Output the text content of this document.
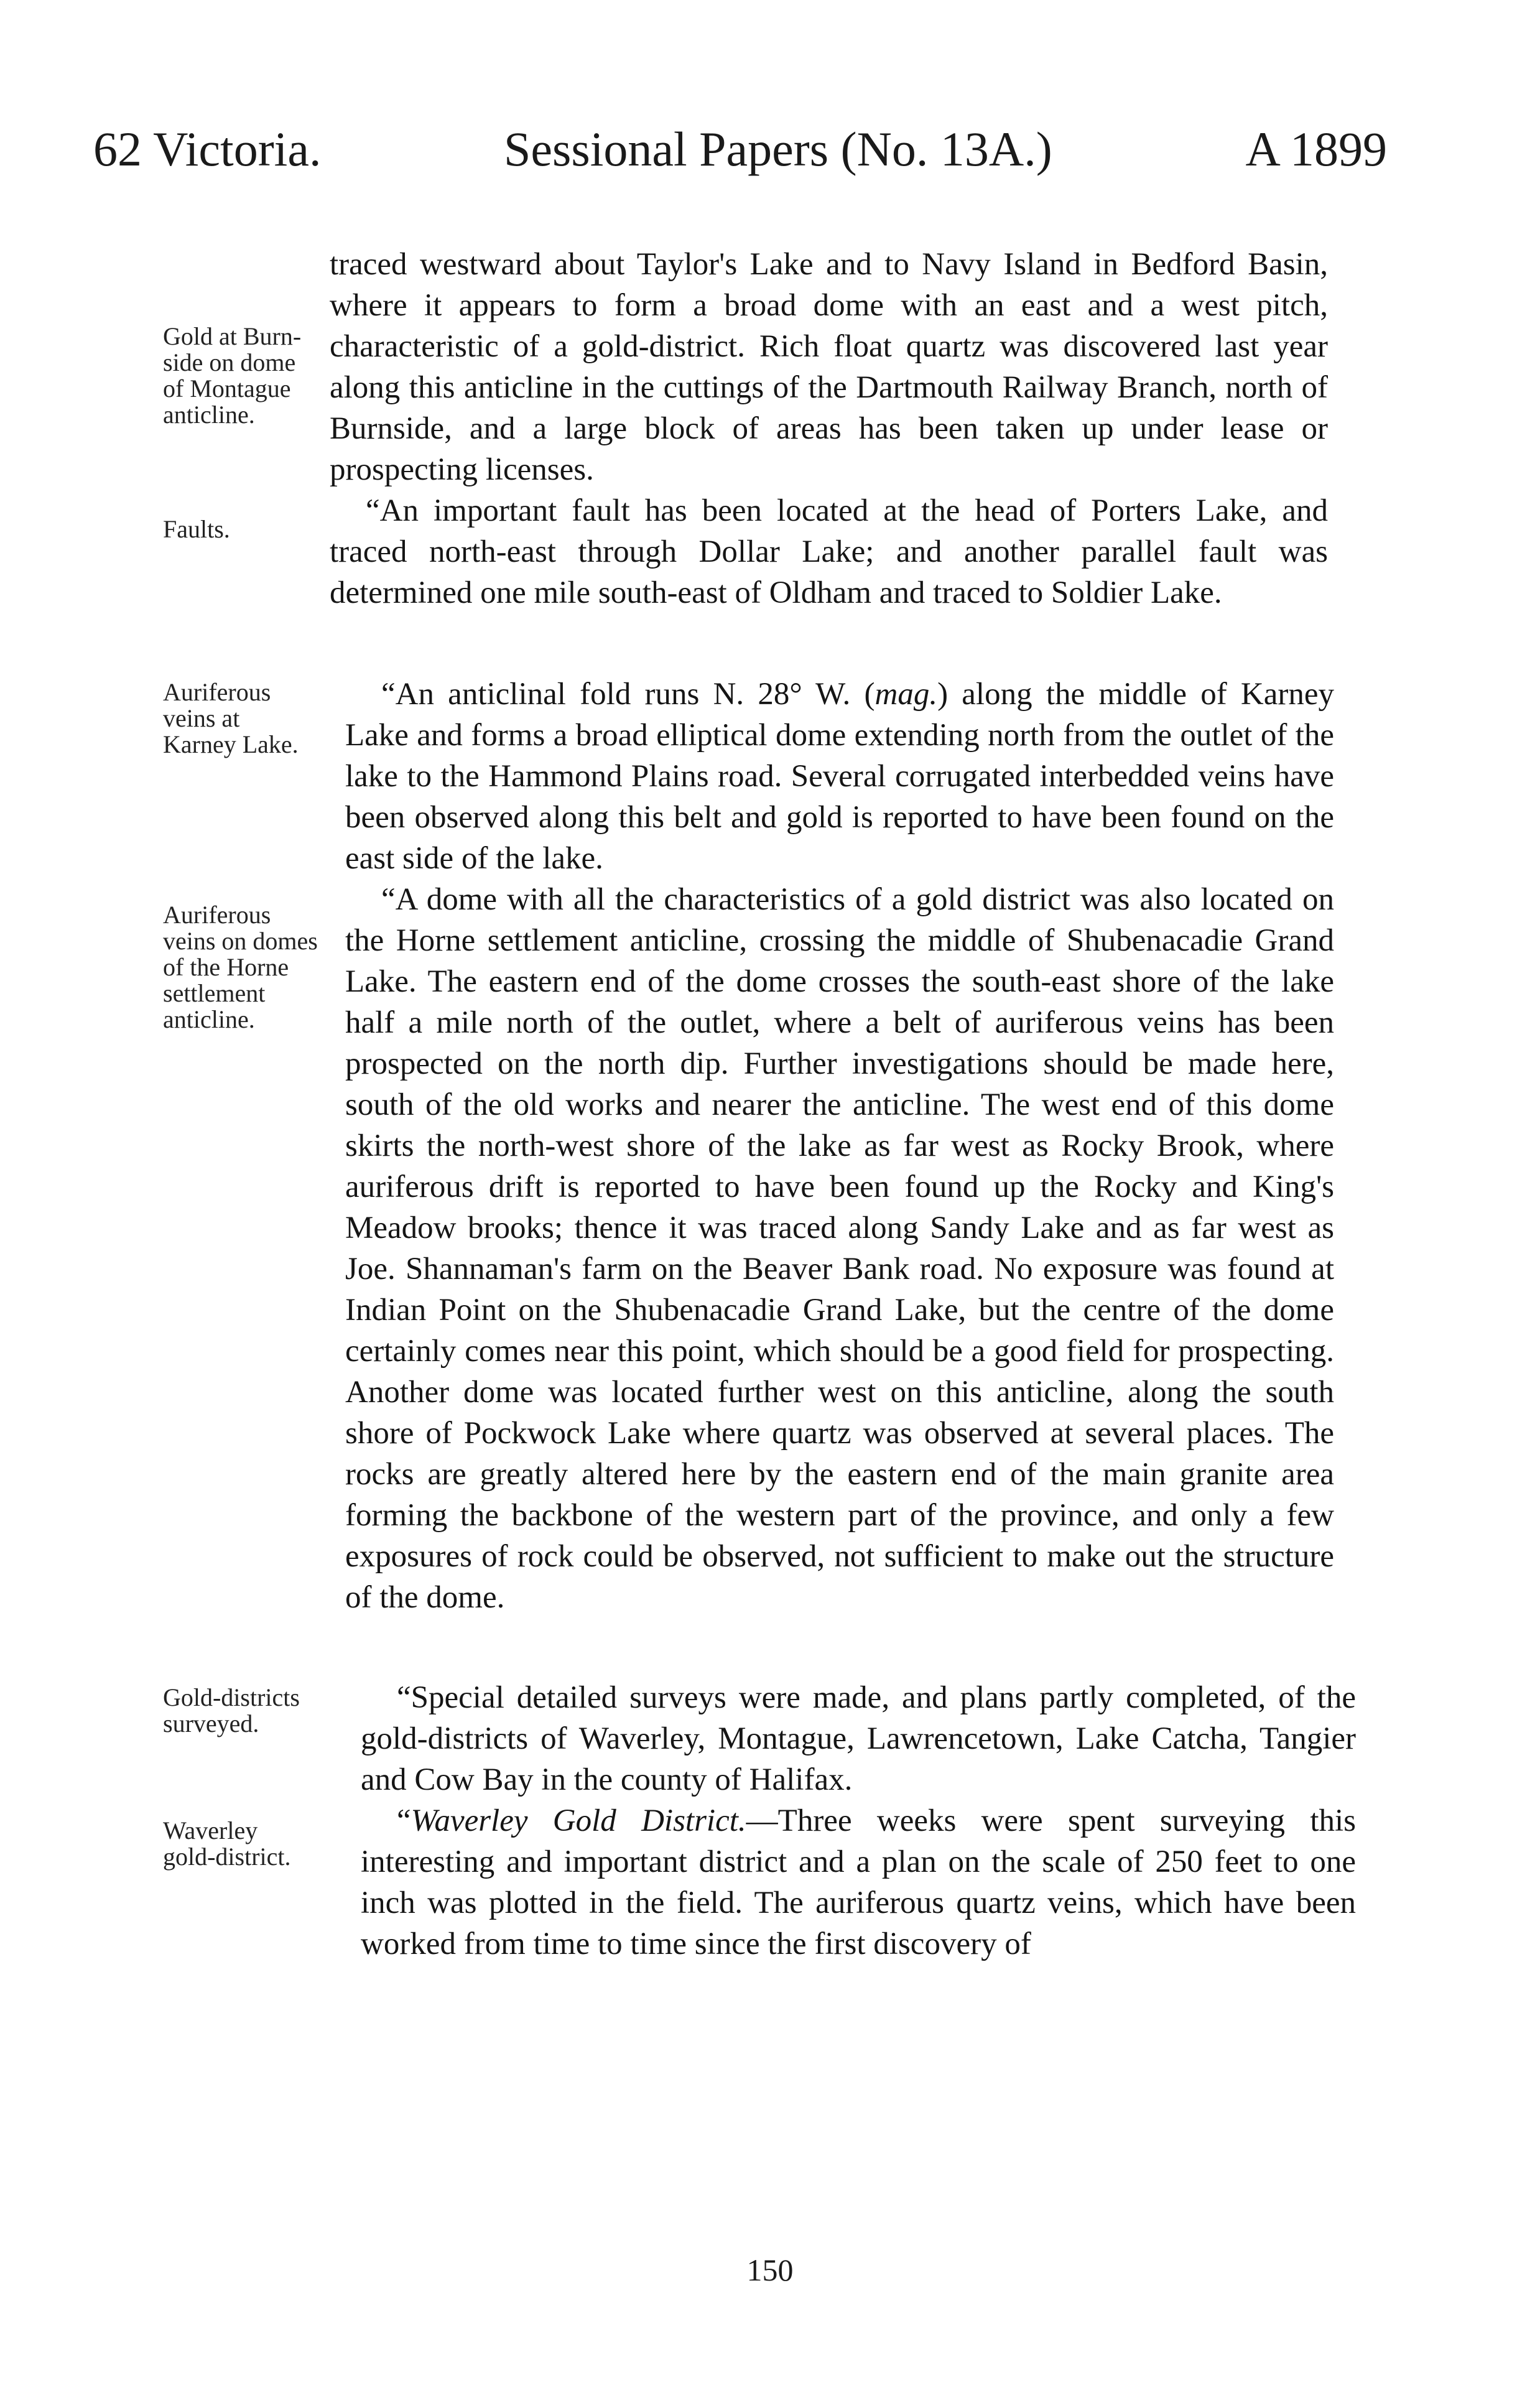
62 Victoria.	Sessional Papers (No. 13A.)	A 1899
Gold at Burn-
side on dome
of Montague
anticline.
Faults.
Auriferous
veins at
Karney Lake.
Auriferous
veins on domes
of the Horne
settlement
anticline.
Gold-districts
surveyed.
Waverley
gold-district.

traced westward about Taylor's Lake and to Navy Island in Bedford Basin, where it appears to form a broad dome with an east and a west pitch, characteristic of a gold-district. Rich float quartz was discovered last year along this anticline in the cuttings of the Dartmouth Railway Branch, north of Burnside, and a large block of areas has been taken up under lease or prospecting licenses.

“An important fault has been located at the head of Porters Lake, and traced north-east through Dollar Lake; and another parallel fault was determined one mile south-east of Oldham and traced to Soldier Lake.

“An anticlinal fold runs N. 28° W. (mag.) along the middle of Karney Lake and forms a broad elliptical dome extending north from the outlet of the lake to the Hammond Plains road. Several corrugated interbedded veins have been observed along this belt and gold is reported to have been found on the east side of the lake.

“A dome with all the characteristics of a gold district was also located on the Horne settlement anticline, crossing the middle of Shubenacadie Grand Lake. The eastern end of the dome crosses the south-east shore of the lake half a mile north of the outlet, where a belt of auriferous veins has been prospected on the north dip. Further investigations should be made here, south of the old works and nearer the anticline. The west end of this dome skirts the north-west shore of the lake as far west as Rocky Brook, where auriferous drift is reported to have been found up the Rocky and King's Meadow brooks; thence it was traced along Sandy Lake and as far west as Joe. Shannaman's farm on the Beaver Bank road. No exposure was found at Indian Point on the Shubenacadie Grand Lake, but the centre of the dome certainly comes near this point, which should be a good field for prospecting. Another dome was located further west on this anticline, along the south shore of Pockwock Lake where quartz was observed at several places. The rocks are greatly altered here by the eastern end of the main granite area forming the backbone of the western part of the province, and only a few exposures of rock could be observed, not sufficient to make out the structure of the dome.

“Special detailed surveys were made, and plans partly completed, of the gold-districts of Waverley, Montague, Lawrencetown, Lake Catcha, Tangier and Cow Bay in the county of Halifax.

“Waverley Gold District.—Three weeks were spent surveying this interesting and important district and a plan on the scale of 250 feet to one inch was plotted in the field. The auriferous quartz veins, which have been worked from time to time since the first discovery of

150
